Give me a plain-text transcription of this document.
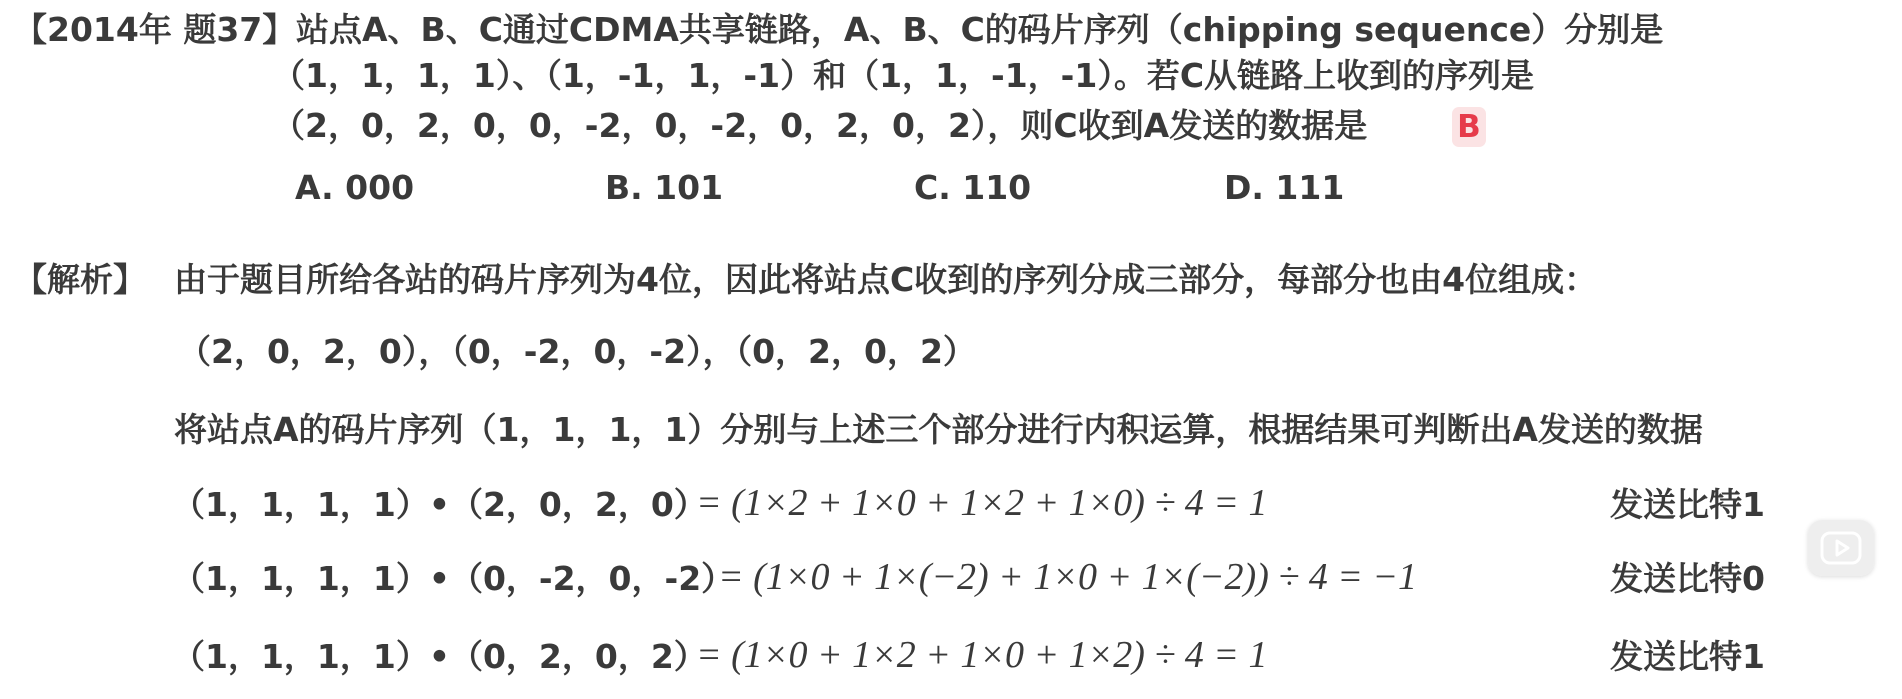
【2014年 题37】 站点A、B、C通过CDMA共享链路，A、B、C的码片序列（chipping sequence）分别是
（1，1，1，1）、（1，-1，1，-1）和（1，1，-1，-1）。若C从链路上收到的序列是
（2，0，2，0，0，-2，0，-2，0，2，0，2），则C收到A发送的数据是	B
A. 000	B. 101	C. 110	D. 111
【解析】 由于题目所给各站的码片序列为4位，因此将站点C收到的序列分成三部分，每部分也由4位组成：
（2，0，2，0），（0，-2，0，-2），（0，2，0，2）
将站点A的码片序列（1，1，1，1）分别与上述三个部分进行内积运算，根据结果可判断出A发送的数据
（1，1，1，1）•（2，0，2，0）
= (1×2 + 1×0 + 1×2 + 1×0) ÷ 4 = 1	发送比特1
（1，1，1，1）•（0，-2，0，-2）
= (1×0 + 1×(−2) + 1×0 + 1×(−2)) ÷ 4 = −1	发送比特0
（1，1，1，1）•（0，2，0，2）
= (1×0 + 1×2 + 1×0 + 1×2) ÷ 4 = 1	发送比特1
